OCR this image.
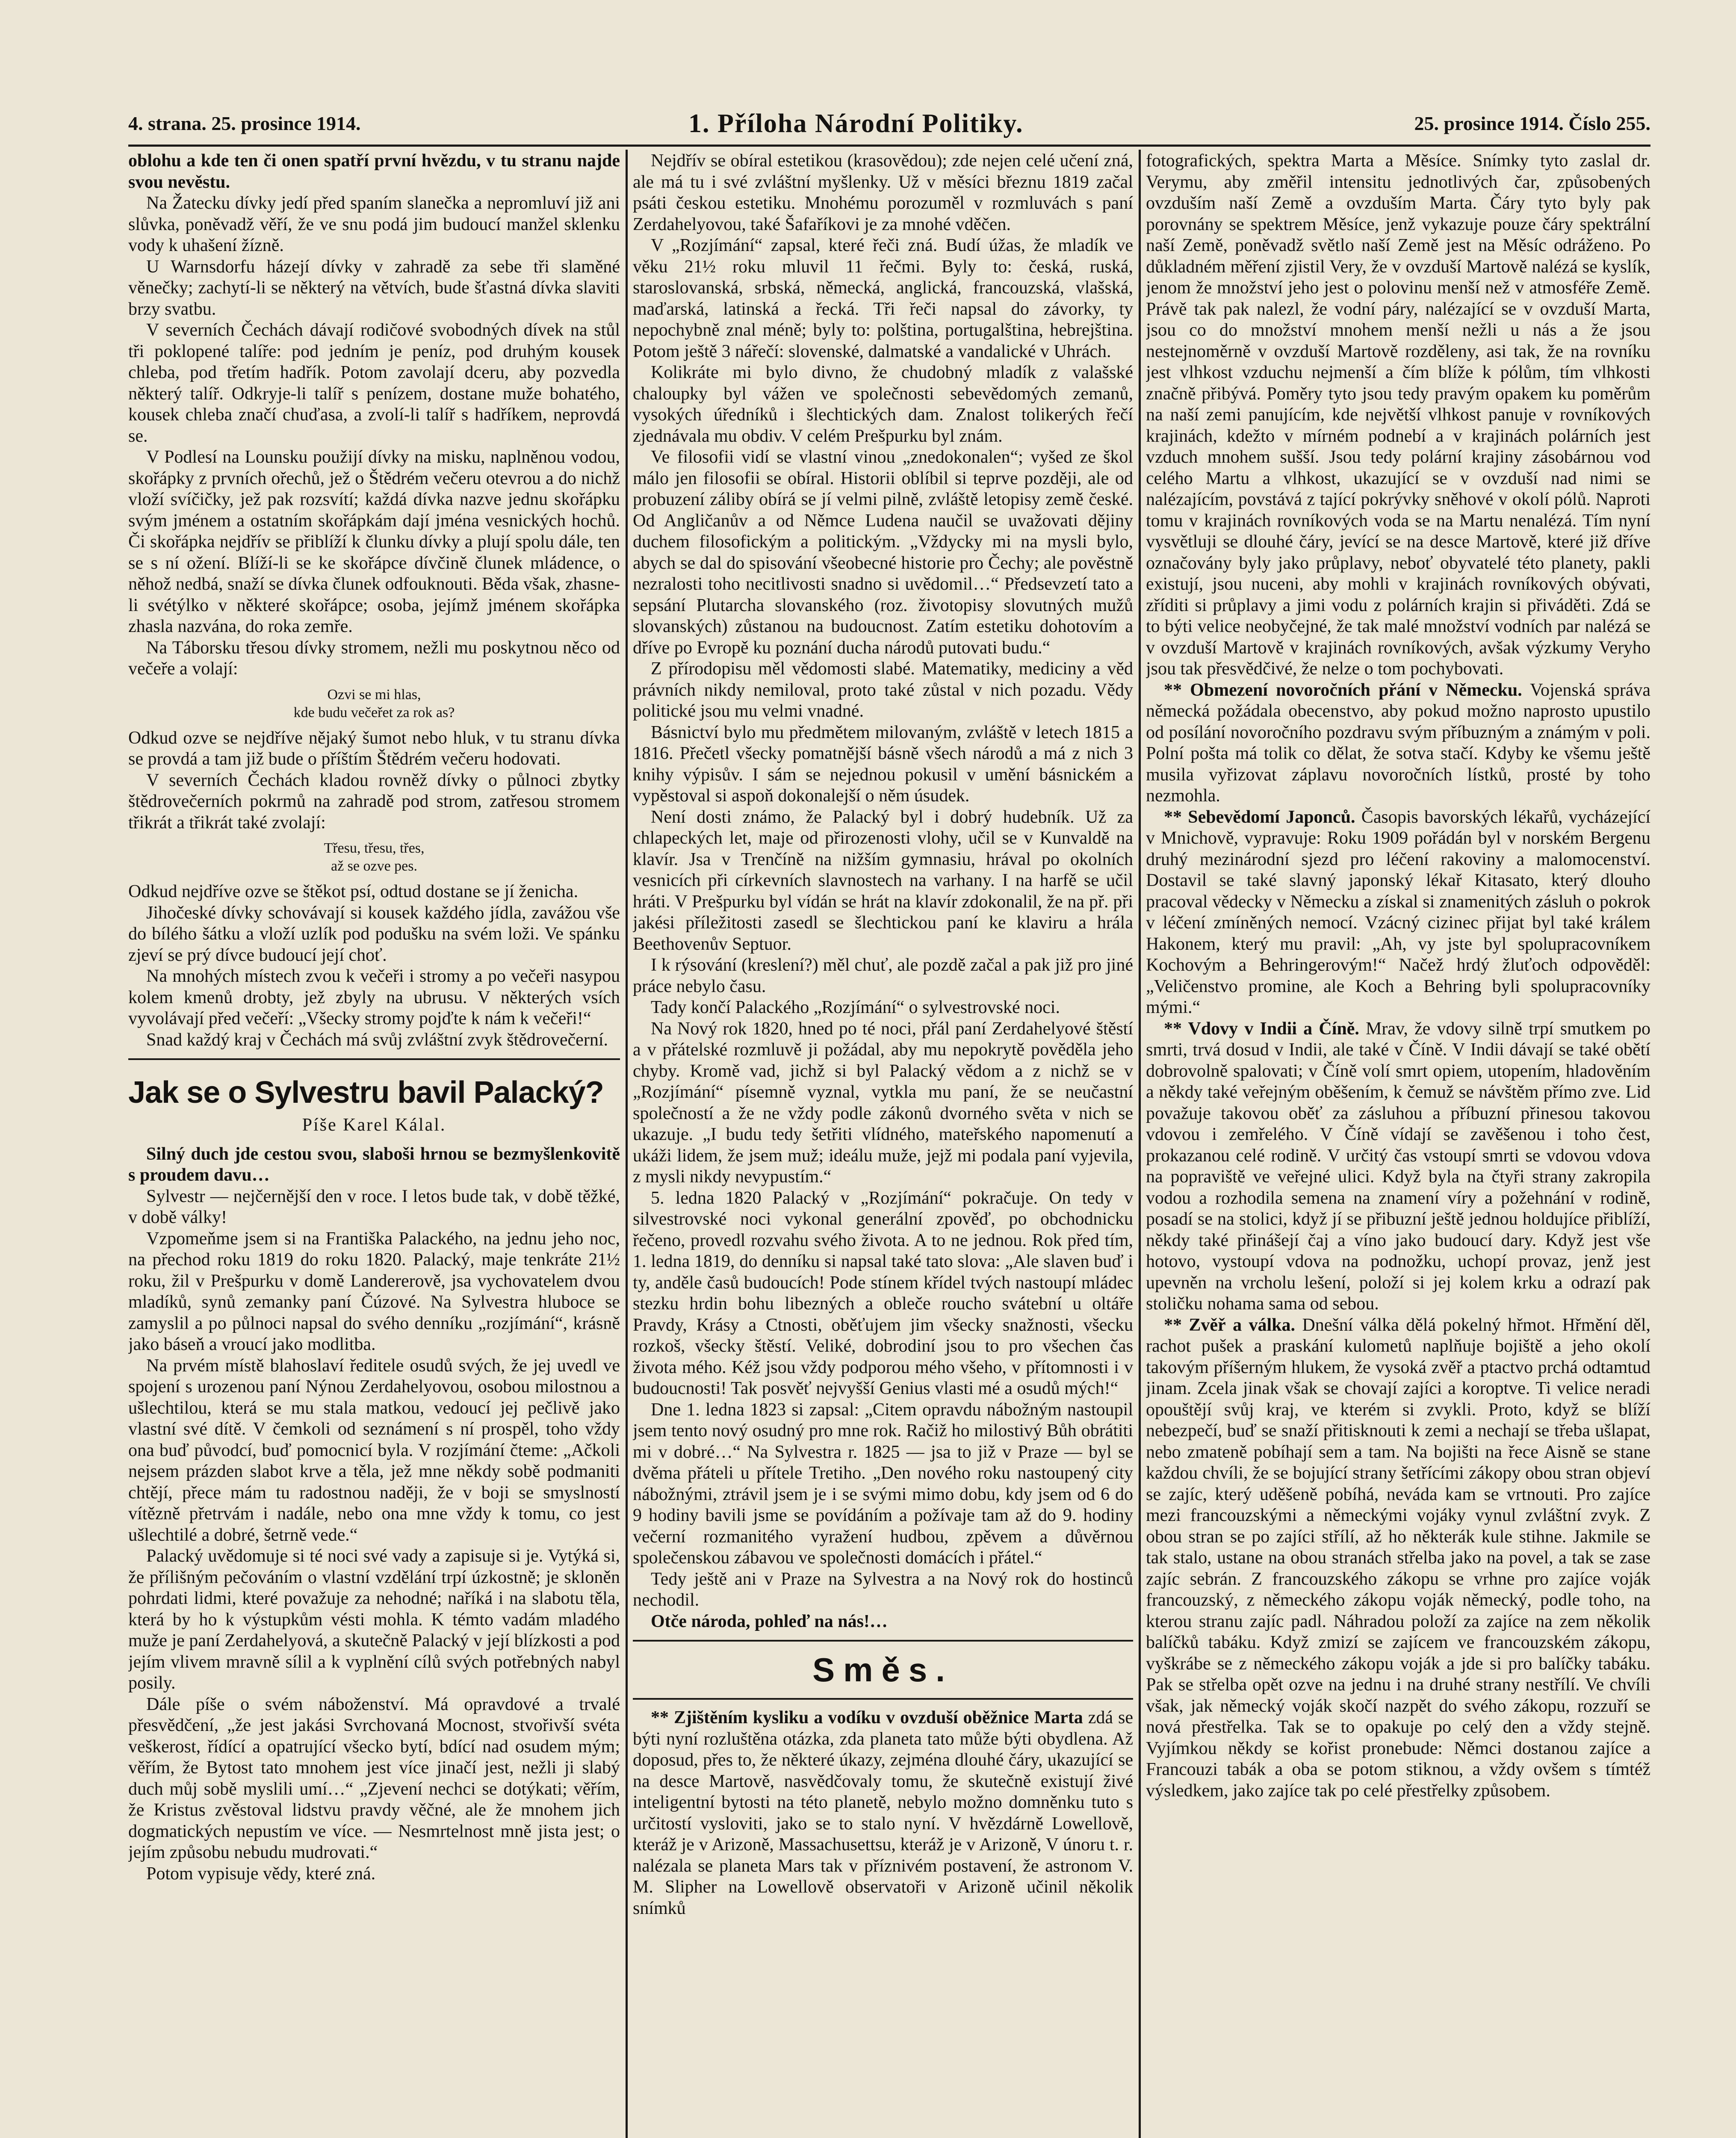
4. strana. 25. prosince 1914.	1. Příloha Národní Politiky.	25. prosince 1914. Číslo 255.

oblohu a kde ten či onen spatří první hvězdu, v tu stranu najde svou nevěstu.

Na Žatecku dívky jedí před spaním slanečka a nepromluví již ani slůvka, poněvadž věří, že ve snu podá jim budoucí manžel sklenku vody k uhašení žízně.

U Warnsdorfu házejí dívky v zahradě za sebe tři slaměné věnečky; zachytí-li se některý na větvích, bude šťastná dívka slaviti brzy svatbu.

V severních Čechách dávají rodičové svobodných dívek na stůl tři poklopené talíře: pod jedním je peníz, pod druhým kousek chleba, pod třetím hadřík. Potom zavolají dceru, aby pozvedla některý talíř. Odkryje-li talíř s penízem, dostane muže bohatého, kousek chleba značí chuďasa, a zvolí-li talíř s hadříkem, neprovdá se.

V Podlesí na Lounsku použijí dívky na misku, naplněnou vodou, skořápky z prvních ořechů, jež o Štědrém večeru otevrou a do nichž vloží svíčičky, jež pak rozsvítí; každá dívka nazve jednu skořápku svým jménem a ostatním skořápkám dají jména vesnických hochů. Či skořápka nejdřív se přiblíží k člunku dívky a plují spolu dále, ten se s ní ožení. Blíží-li se ke skořápce dívčině člunek mládence, o něhož nedbá, snaží se dívka člunek odfouknouti. Běda však, zhasne-li svétýlko v některé skořápce; osoba, jejímž jménem skořápka zhasla nazvána, do roka zemře.

Na Táborsku třesou dívky stromem, nežli mu poskytnou něco od večeře a volají:

Ozvi se mi hlas,
kde budu večeřet za rok as?

Odkud ozve se nejdříve nějaký šumot nebo hluk, v tu stranu dívka se provdá a tam již bude o příštím Štědrém večeru hodovati.

V severních Čechách kladou rovněž dívky o půlnoci zbytky štědrovečerních pokrmů na zahradě pod strom, zatřesou stromem třikrát a třikrát také zvolají:

Třesu, třesu, třes,
až se ozve pes.

Odkud nejdříve ozve se štěkot psí, odtud dostane se jí ženicha.

Jihočeské dívky schovávají si kousek každého jídla, zavážou vše do bílého šátku a vloží uzlík pod podušku na svém loži. Ve spánku zjeví se prý dívce budoucí její choť.

Na mnohých místech zvou k večeři i stromy a po večeři nasypou kolem kmenů drobty, jež zbyly na ubrusu. V některých vsích vyvolávají před večeří: „Všecky stromy pojďte k nám k večeři!“

Snad každý kraj v Čechách má svůj zvláštní zvyk štědrovečerní.

Jak se o Sylvestru bavil Palacký?
Píše Karel Kálal.

Silný duch jde cestou svou, slaboši hrnou se bezmyšlenkovitě s proudem davu…

Sylvestr — nejčernější den v roce. I letos bude tak, v době těžké, v době války!

Vzpomeňme jsem si na Františka Palackého, na jednu jeho noc, na přechod roku 1819 do roku 1820. Palacký, maje tenkráte 21½ roku, žil v Prešpurku v domě Landererově, jsa vychovatelem dvou mladíků, synů zemanky paní Čúzové. Na Sylvestra hluboce se zamyslil a po půlnoci napsal do svého denníku „rozjímání“, krásně jako báseň a vroucí jako modlitba.

Na prvém místě blahoslaví ředitele osudů svých, že jej uvedl ve spojení s urozenou paní Nýnou Zerdahelyovou, osobou milostnou a ušlechtilou, která se mu stala matkou, vedoucí jej pečlivě jako vlastní své dítě. V čemkoli od seznámení s ní prospěl, toho vždy ona buď původcí, buď pomocnicí byla. V rozjímání čteme: „Ačkoli nejsem prázden slabot krve a těla, jež mne někdy sobě podmaniti chtějí, přece mám tu radostnou naději, že v boji se smyslností vítězně přetrvám i nadále, nebo ona mne vždy k tomu, co jest ušlechtilé a dobré, šetrně vede.“

Palacký uvědomuje si té noci své vady a zapisuje si je. Vytýká si, že přílišným pečováním o vlastní vzdělání trpí úzkostně; je skloněn pohrdati lidmi, které považuje za nehodné; naříká i na slabotu těla, která by ho k výstupkům vésti mohla. K témto vadám mladého muže je paní Zerdahelyová, a skutečně Palacký v její blízkosti a pod jejím vlivem mravně sílil a k vyplnění cílů svých potřebných nabyl posily.

Dále píše o svém náboženství. Má opravdové a trvalé přesvědčení, „že jest jakási Svrchovaná Mocnost, stvořivší svéta veškerost, řídící a opatrující všecko bytí, bdící nad osudem mým; věřím, že Bytost tato mnohem jest více jinačí jest, nežli ji slabý duch můj sobě myslili umí…“ „Zjevení nechci se dotýkati; věřím, že Kristus zvěstoval lidstvu pravdy věčné, ale že mnohem jich dogmatických nepustím ve více. — Nesmrtelnost mně jista jest; o jejím způsobu nebudu mudrovati.“

Potom vypisuje vědy, které zná.

Nejdřív se obíral estetikou (krasovědou); zde nejen celé učení zná, ale má tu i své zvláštní myšlenky. Už v měsíci březnu 1819 začal psáti českou estetiku. Mnohému porozuměl v rozmluvách s paní Zerdahelyovou, také Šafaříkovi je za mnohé vděčen.

V „Rozjímání“ zapsal, které řeči zná. Budí úžas, že mladík ve věku 21½ roku mluvil 11 řečmi. Byly to: česká, ruská, staroslovanská, srbská, německá, anglická, francouzská, vlašská, maďarská, latinská a řecká. Tři řeči napsal do závorky, ty nepochybně znal méně; byly to: polština, portugalština, hebrejština. Potom ještě 3 nářečí: slovenské, dalmatské a vandalické v Uhrách.

Kolikráte mi bylo divno, že chudobný mladík z valašské chaloupky byl vážen ve společnosti sebevědomých zemanů, vysokých úředníků i šlechtických dam. Znalost tolikerých řečí zjednávala mu obdiv. V celém Prešpurku byl znám.

Ve filosofii vidí se vlastní vinou „znedokonalen“; vyšed ze škol málo jen filosofii se obíral. Historii oblíbil si teprve později, ale od probuzení záliby obírá se jí velmi pilně, zvláště letopisy země české. Od Angličanův a od Němce Ludena naučil se uvažovati dějiny duchem filosofickým a politickým. „Vždycky mi na mysli bylo, abych se dal do spisování všeobecné historie pro Čechy; ale pověstně nezralosti toho necitlivosti snadno si uvědomil…“ Předsevzetí tato a sepsání Plutarcha slovanského (roz. životopisy slovutných mužů slovanských) zůstanou na budoucnost. Zatím estetiku dohotovím a dříve po Evropě ku poznání ducha národů putovati budu.“

Z přírodopisu měl vědomosti slabé. Matematiky, mediciny a věd právních nikdy nemiloval, proto také zůstal v nich pozadu. Vědy politické jsou mu velmi vnadné.

Básnictví bylo mu předmětem milovaným, zvláště v letech 1815 a 1816. Přečetl všecky pomatnější básně všech národů a má z nich 3 knihy výpisův. I sám se nejednou pokusil v umění básnickém a vypěstoval si aspoň dokonalejší o něm úsudek.

Není dosti známo, že Palacký byl i dobrý hudebník. Už za chlapeckých let, maje od přirozenosti vlohy, učil se v Kunvaldě na klavír. Jsa v Trenčíně na nižším gymnasiu, hrával po okolních vesnicích při církevních slavnostech na varhany. I na harfě se učil hráti. V Prešpurku byl vídán se hrát na klavír zdokonalil, že na př. při jakési příležitosti zasedl se šlechtickou paní ke klaviru a hrála Beethovenův Septuor.

I k rýsování (kreslení?) měl chuť, ale pozdě začal a pak již pro jiné práce nebylo času.

Tady končí Palackého „Rozjímání“ o sylvestrovské noci.

Na Nový rok 1820, hned po té noci, přál paní Zerdahelyové štěstí a v přátelské rozmluvě ji požádal, aby mu nepokrytě pověděla jeho chyby. Kromě vad, jichž si byl Palacký vědom a z nichž se v „Rozjímání“ písemně vyznal, vytkla mu paní, že se neučastní společností a že ne vždy podle zákonů dvorného světa v nich se ukazuje. „I budu tedy šetřiti vlídného, mateřského napomenutí a ukáži lidem, že jsem muž; ideálu muže, jejž mi podala paní vyjevila, z mysli nikdy nevypustím.“

5. ledna 1820 Palacký v „Rozjímání“ pokračuje. On tedy v silvestrovské noci vykonal generální zpověď, po obchodnicku řečeno, provedl rozvahu svého života. A to ne jednou. Rok před tím, 1. ledna 1819, do denníku si napsal také tato slova: „Ale slaven buď i ty, anděle časů budoucích! Pode stínem křídel tvých nastoupí mládec stezku hrdin bohu libezných a obleče roucho svátební u oltáře Pravdy, Krásy a Ctnosti, oběťujem jim všecky snažnosti, všecku rozkoš, všecky štěstí. Veliké, dobrodiní jsou to pro všechen čas života mého. Kéž jsou vždy podporou mého všeho, v přítomnosti i v budoucnosti! Tak posvěť nejvyšší Genius vlasti mé a osudů mých!“

Dne 1. ledna 1823 si zapsal: „Citem opravdu nábožným nastoupil jsem tento nový osudný pro mne rok. Račiž ho milostivý Bůh obrátiti mi v dobré…“ Na Sylvestra r. 1825 — jsa to již v Praze — byl se dvěma přáteli u přítele Tretiho. „Den nového roku nastoupený city nábožnými, ztrávil jsem je i se svými mimo dobu, kdy jsem od 6 do 9 hodiny bavili jsme se povídáním a požívaje tam až do 9. hodiny večerní rozmanitého vyražení hudbou, zpěvem a důvěrnou společenskou zábavou ve společnosti domácích i přátel.“

Tedy ještě ani v Praze na Sylvestra a na Nový rok do hostinců nechodil.

Otče národa, pohleď na nás!…

Směs.

** Zjištěním kysliku a vodíku v ovzduší oběžnice Marta zdá se býti nyní rozluštěna otázka, zda planeta tato může býti obydlena. Až doposud, přes to, že některé úkazy, zejména dlouhé čáry, ukazující se na desce Martově, nasvědčovaly tomu, že skutečně existují živé inteligentní bytosti na této planetě, nebylo možno domněnku tuto s určitostí vysloviti, jako se to stalo nyní. V hvězdárně Lowellově, kteráž je v Arizoně, Massachusettsu, kteráž je v Arizoně, V únoru t. r. nalézala se planeta Mars tak v příznivém postavení, že astronom V. M. Slipher na Lowellově observatoři v Arizoně učinil několik snímků

fotografických, spektra Marta a Měsíce. Snímky tyto zaslal dr. Verymu, aby změřil intensitu jednotlivých čar, způsobených ovzduším naší Země a ovzduším Marta. Čáry tyto byly pak porovnány se spektrem Měsíce, jenž vykazuje pouze čáry spektrální naší Země, poněvadž světlo naší Země jest na Měsíc odráženo. Po důkladném měření zjistil Very, že v ovzduší Martově nalézá se kyslík, jenom že množství jeho jest o polovinu menší než v atmosféře Země. Právě tak pak nalezl, že vodní páry, nalézající se v ovzduší Marta, jsou co do množství mnohem menší nežli u nás a že jsou nestejnoměrně v ovzduší Martově rozděleny, asi tak, že na rovníku jest vlhkost vzduchu nejmenší a čím blíže k pólům, tím vlhkosti značně přibývá. Poměry tyto jsou tedy pravým opakem ku poměrům na naší zemi panujícím, kde největší vlhkost panuje v rovníkových krajinách, kdežto v mírném podnebí a v krajinách polárních jest vzduch mnohem sušší. Jsou tedy polární krajiny zásobárnou vod celého Martu a vlhkost, ukazující se v ovzduší nad nimi se nalézajícím, povstává z tající pokrývky sněhové v okolí pólů. Naproti tomu v krajinách rovníkových voda se na Martu nenalézá. Tím nyní vysvětluji se dlouhé čáry, jevící se na desce Martově, které již dříve označovány byly jako průplavy, neboť obyvatelé této planety, pakli existují, jsou nuceni, aby mohli v krajinách rovníkových obývati, zříditi si průplavy a jimi vodu z polárních krajin si přiváděti. Zdá se to býti velice neobyčejné, že tak malé množství vodních par nalézá se v ovzduší Martově v krajinách rovníkových, avšak výzkumy Veryho jsou tak přesvědčivé, že nelze o tom pochybovati.

** Obmezení novoročních přání v Německu. Vojenská správa německá požádala obecenstvo, aby pokud možno naprosto upustilo od posílání novoročního pozdravu svým příbuzným a známým v poli. Polní pošta má tolik co dělat, že sotva stačí. Kdyby ke všemu ještě musila vyřizovat záplavu novoročních lístků, prosté by toho nezmohla.

** Sebevědomí Japonců. Časopis bavorských lékařů, vycházející v Mnichově, vypravuje: Roku 1909 pořádán byl v norském Bergenu druhý mezinárodní sjezd pro léčení rakoviny a malomocenství. Dostavil se také slavný japonský lékař Kitasato, který dlouho pracoval vědecky v Německu a získal si znamenitých zásluh o pokrok v léčení zmíněných nemocí. Vzácný cizinec přijat byl také králem Hakonem, který mu pravil: „Ah, vy jste byl spolupracovníkem Kochovým a Behringerovým!“ Načež hrdý žluťoch odpověděl: „Veličenstvo promine, ale Koch a Behring byli spolupracovníky mými.“

** Vdovy v Indii a Číně. Mrav, že vdovy silně trpí smutkem po smrti, trvá dosud v Indii, ale také v Číně. V Indii dávají se také obětí dobrovolně spalovati; v Číně volí smrt opiem, utopením, hladověním a někdy také veřejným oběšením, k čemuž se návštěm přímo zve. Lid považuje takovou oběť za zásluhou a příbuzní přinesou takovou vdovou i zemřelého. V Číně vídají se zavěšenou i toho čest, prokazanou celé rodině. V určitý čas vstoupí smrti se vdovou vdova na popraviště ve veřejné ulici. Když byla na čtyři strany zakropila vodou a rozhodila semena na znamení víry a požehnání v rodině, posadí se na stolici, když jí se přibuzní ještě jednou holdujíce přiblíží, někdy také přinášejí čaj a víno jako budoucí dary. Když jest vše hotovo, vystoupí vdova na podnožku, uchopí provaz, jenž jest upevněn na vrcholu lešení, položí si jej kolem krku a odrazí pak stoličku nohama sama od sebou.

** Zvěř a válka. Dnešní válka dělá pokelný hřmot. Hřmění děl, rachot pušek a praskání kulometů naplňuje bojiště a jeho okolí takovým příšerným hlukem, že vysoká zvěř a ptactvo prchá odtamtud jinam. Zcela jinak však se chovají zajíci a koroptve. Ti velice neradi opouštějí svůj kraj, ve kterém si zvykli. Proto, když se blíží nebezpečí, buď se snaží přitisknouti k zemi a nechají se třeba ušlapat, nebo zmateně pobíhají sem a tam. Na bojišti na řece Aisně se stane každou chvíli, že se bojující strany šetřícími zákopy obou stran objeví se zajíc, který uděšeně pobíhá, neváda kam se vrtnouti. Pro zajíce mezi francouzskými a německými vojáky vynul zvláštní zvyk. Z obou stran se po zajíci střílí, až ho některák kule stihne. Jakmile se tak stalo, ustane na obou stranách střelba jako na povel, a tak se zase zajíc sebrán. Z francouzského zákopu se vrhne pro zajíce voják francouzský, z německého zákopu voják německý, podle toho, na kterou stranu zajíc padl. Náhradou položí za zajíce na zem několik balíčků tabáku. Když zmizí se zajícem ve francouzském zákopu, vyškrábe se z německého zákopu voják a jde si pro balíčky tabáku. Pak se střelba opět ozve na jednu i na druhé strany nestřílí. Ve chvíli však, jak německý voják skočí nazpět do svého zákopu, rozzuří se nová přestřelka. Tak se to opakuje po celý den a vždy stejně. Vyjímkou někdy se kořist pronebude: Němci dostanou zajíce a Francouzi tabák a oba se potom stiknou, a vždy ovšem s tímtéž výsledkem, jako zajíce tak po celé přestřelky způsobem.
